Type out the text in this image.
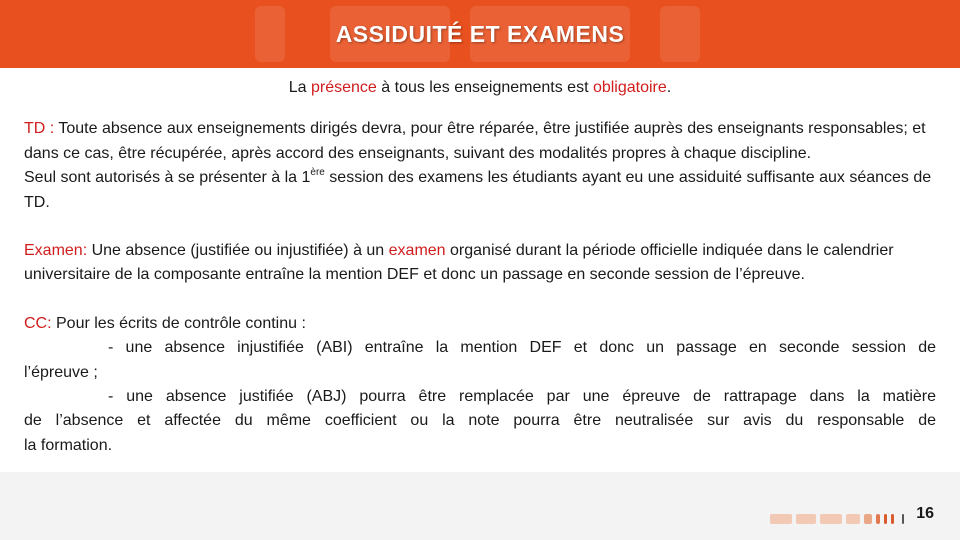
ASSIDUITÉ ET EXAMENS
La présence à tous les enseignements est obligatoire.
TD : Toute absence aux enseignements dirigés devra, pour être réparée, être justifiée auprès des enseignants responsables; et dans ce cas, être récupérée, après accord des enseignants, suivant des modalités propres à chaque discipline.
Seul sont autorisés à se présenter à la 1ère session des examens les étudiants ayant eu une assiduité suffisante aux séances de TD.
Examen: Une absence (justifiée ou injustifiée) à un examen organisé durant la période officielle indiquée dans le calendrier universitaire de la composante entraîne la mention DEF et donc un passage en seconde session de l’épreuve.
CC: Pour les écrits de contrôle continu :
- une absence injustifiée (ABI) entraîne la mention DEF et donc un passage en seconde session de
l’épreuve ;
- une absence justifiée (ABJ) pourra être remplacée par une épreuve de rattrapage dans la matière
de l’absence et affectée du même coefficient ou la note pourra être neutralisée sur avis du responsable de
la formation.
16
